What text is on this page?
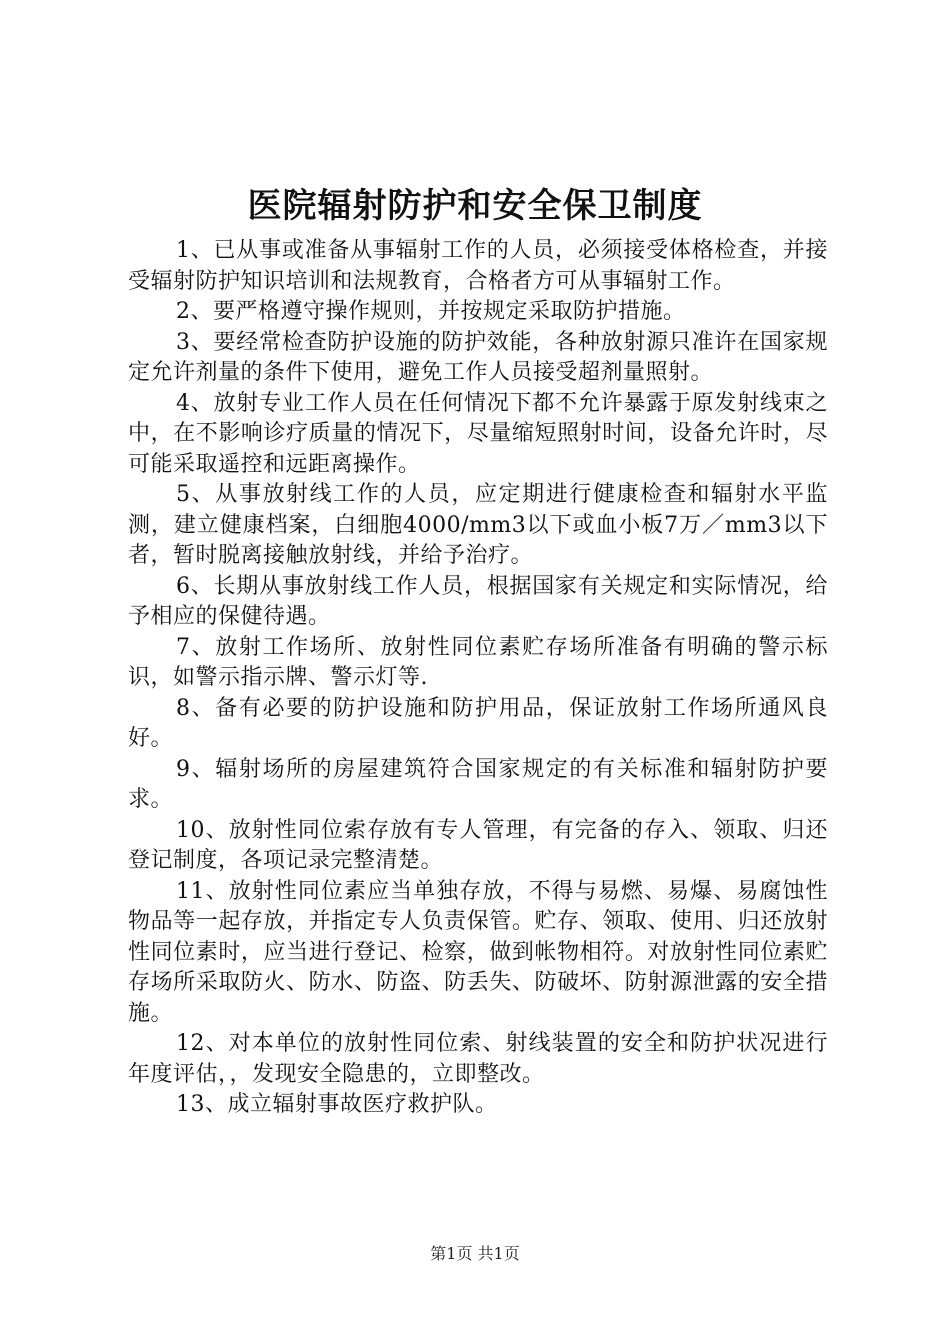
医院辐射防护和安全保卫制度

1、已从事或准备从事辐射工作的人员，必须接受体格检查，并接受辐射防护知识培训和法规教育，合格者方可从事辐射工作。

2、要严格遵守操作规则，并按规定采取防护措施。

3、要经常检查防护设施的防护效能，各种放射源只准许在国家规定允许剂量的条件下使用，避免工作人员接受超剂量照射。

4、放射专业工作人员在任何情况下都不允许暴露于原发射线束之中，在不影响诊疗质量的情况下，尽量缩短照射时间，设备允许时，尽可能采取遥控和远距离操作。

5、从事放射线工作的人员，应定期进行健康检查和辐射水平监测，建立健康档案，白细胞4000/mm3以下或血小板7万／mm3以下者，暂时脱离接触放射线，并给予治疗。

6、长期从事放射线工作人员，根据国家有关规定和实际情况，给予相应的保健待遇。

7、放射工作场所、放射性同位素贮存场所准备有明确的警示标识，如警示指示牌、警示灯等.

8、备有必要的防护设施和防护用品，保证放射工作场所通风良好。

9、辐射场所的房屋建筑符合国家规定的有关标准和辐射防护要求。

10、放射性同位索存放有专人管理，有完备的存入、领取、归还登记制度，各项记录完整清楚。

11、放射性同位素应当单独存放，不得与易燃、易爆、易腐蚀性物品等一起存放，并指定专人负责保管。贮存、领取、使用、归还放射性同位素时，应当进行登记、检察，做到帐物相符。对放射性同位素贮存场所采取防火、防水、防盗、防丢失、防破坏、防射源泄露的安全措施。

12、对本单位的放射性同位索、射线装置的安全和防护状况进行年度评估，，发现安全隐患的，立即整改。

13、成立辐射事故医疗救护队。

第1页 共1页
